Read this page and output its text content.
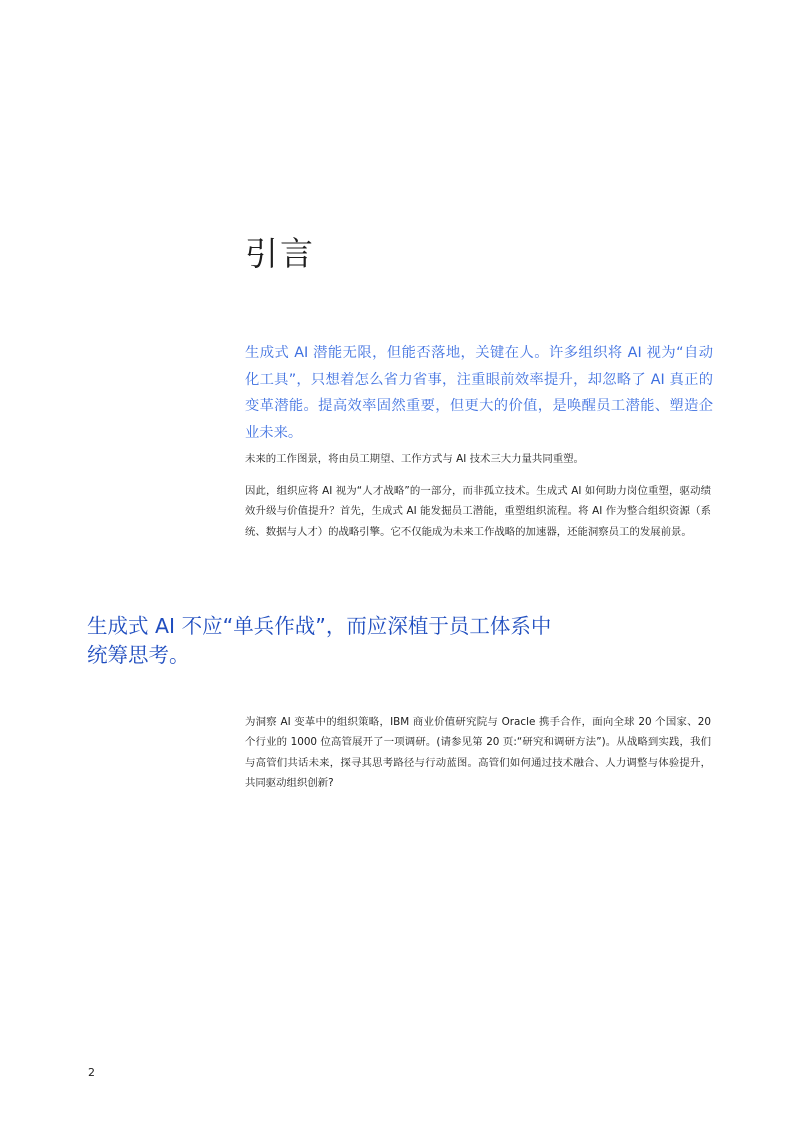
引言

生成式 AI 潜能无限，但能否落地，关键在人。许多组织将 AI 视为“自动化工具”，只想着怎么省力省事，注重眼前效率提升，却忽略了 AI 真正的变革潜能。提高效率固然重要，但更大的价值，是唤醒员工潜能、塑造企业未来。

未来的工作图景，将由员工期望、工作方式与 AI 技术三大力量共同重塑。

因此，组织应将 AI 视为“人才战略”的一部分，而非孤立技术。生成式 AI 如何助力岗位重塑，驱动绩效升级与价值提升？首先，生成式 AI 能发掘员工潜能，重塑组织流程。将 AI 作为整合组织资源（系统、数据与人才）的战略引擎。它不仅能成为未来工作战略的加速器，还能洞察员工的发展前景。

生成式 AI 不应“单兵作战”，而应深植于员工体系中统筹思考。

为洞察 AI 变革中的组织策略，IBM 商业价值研究院与 Oracle 携手合作，面向全球 20 个国家、20 个行业的 1000 位高管展开了一项调研。(请参见第 20 页:“研究和调研方法”)。从战略到实践，我们与高管们共话未来，探寻其思考路径与行动蓝图。高管们如何通过技术融合、人力调整与体验提升，共同驱动组织创新?

2
